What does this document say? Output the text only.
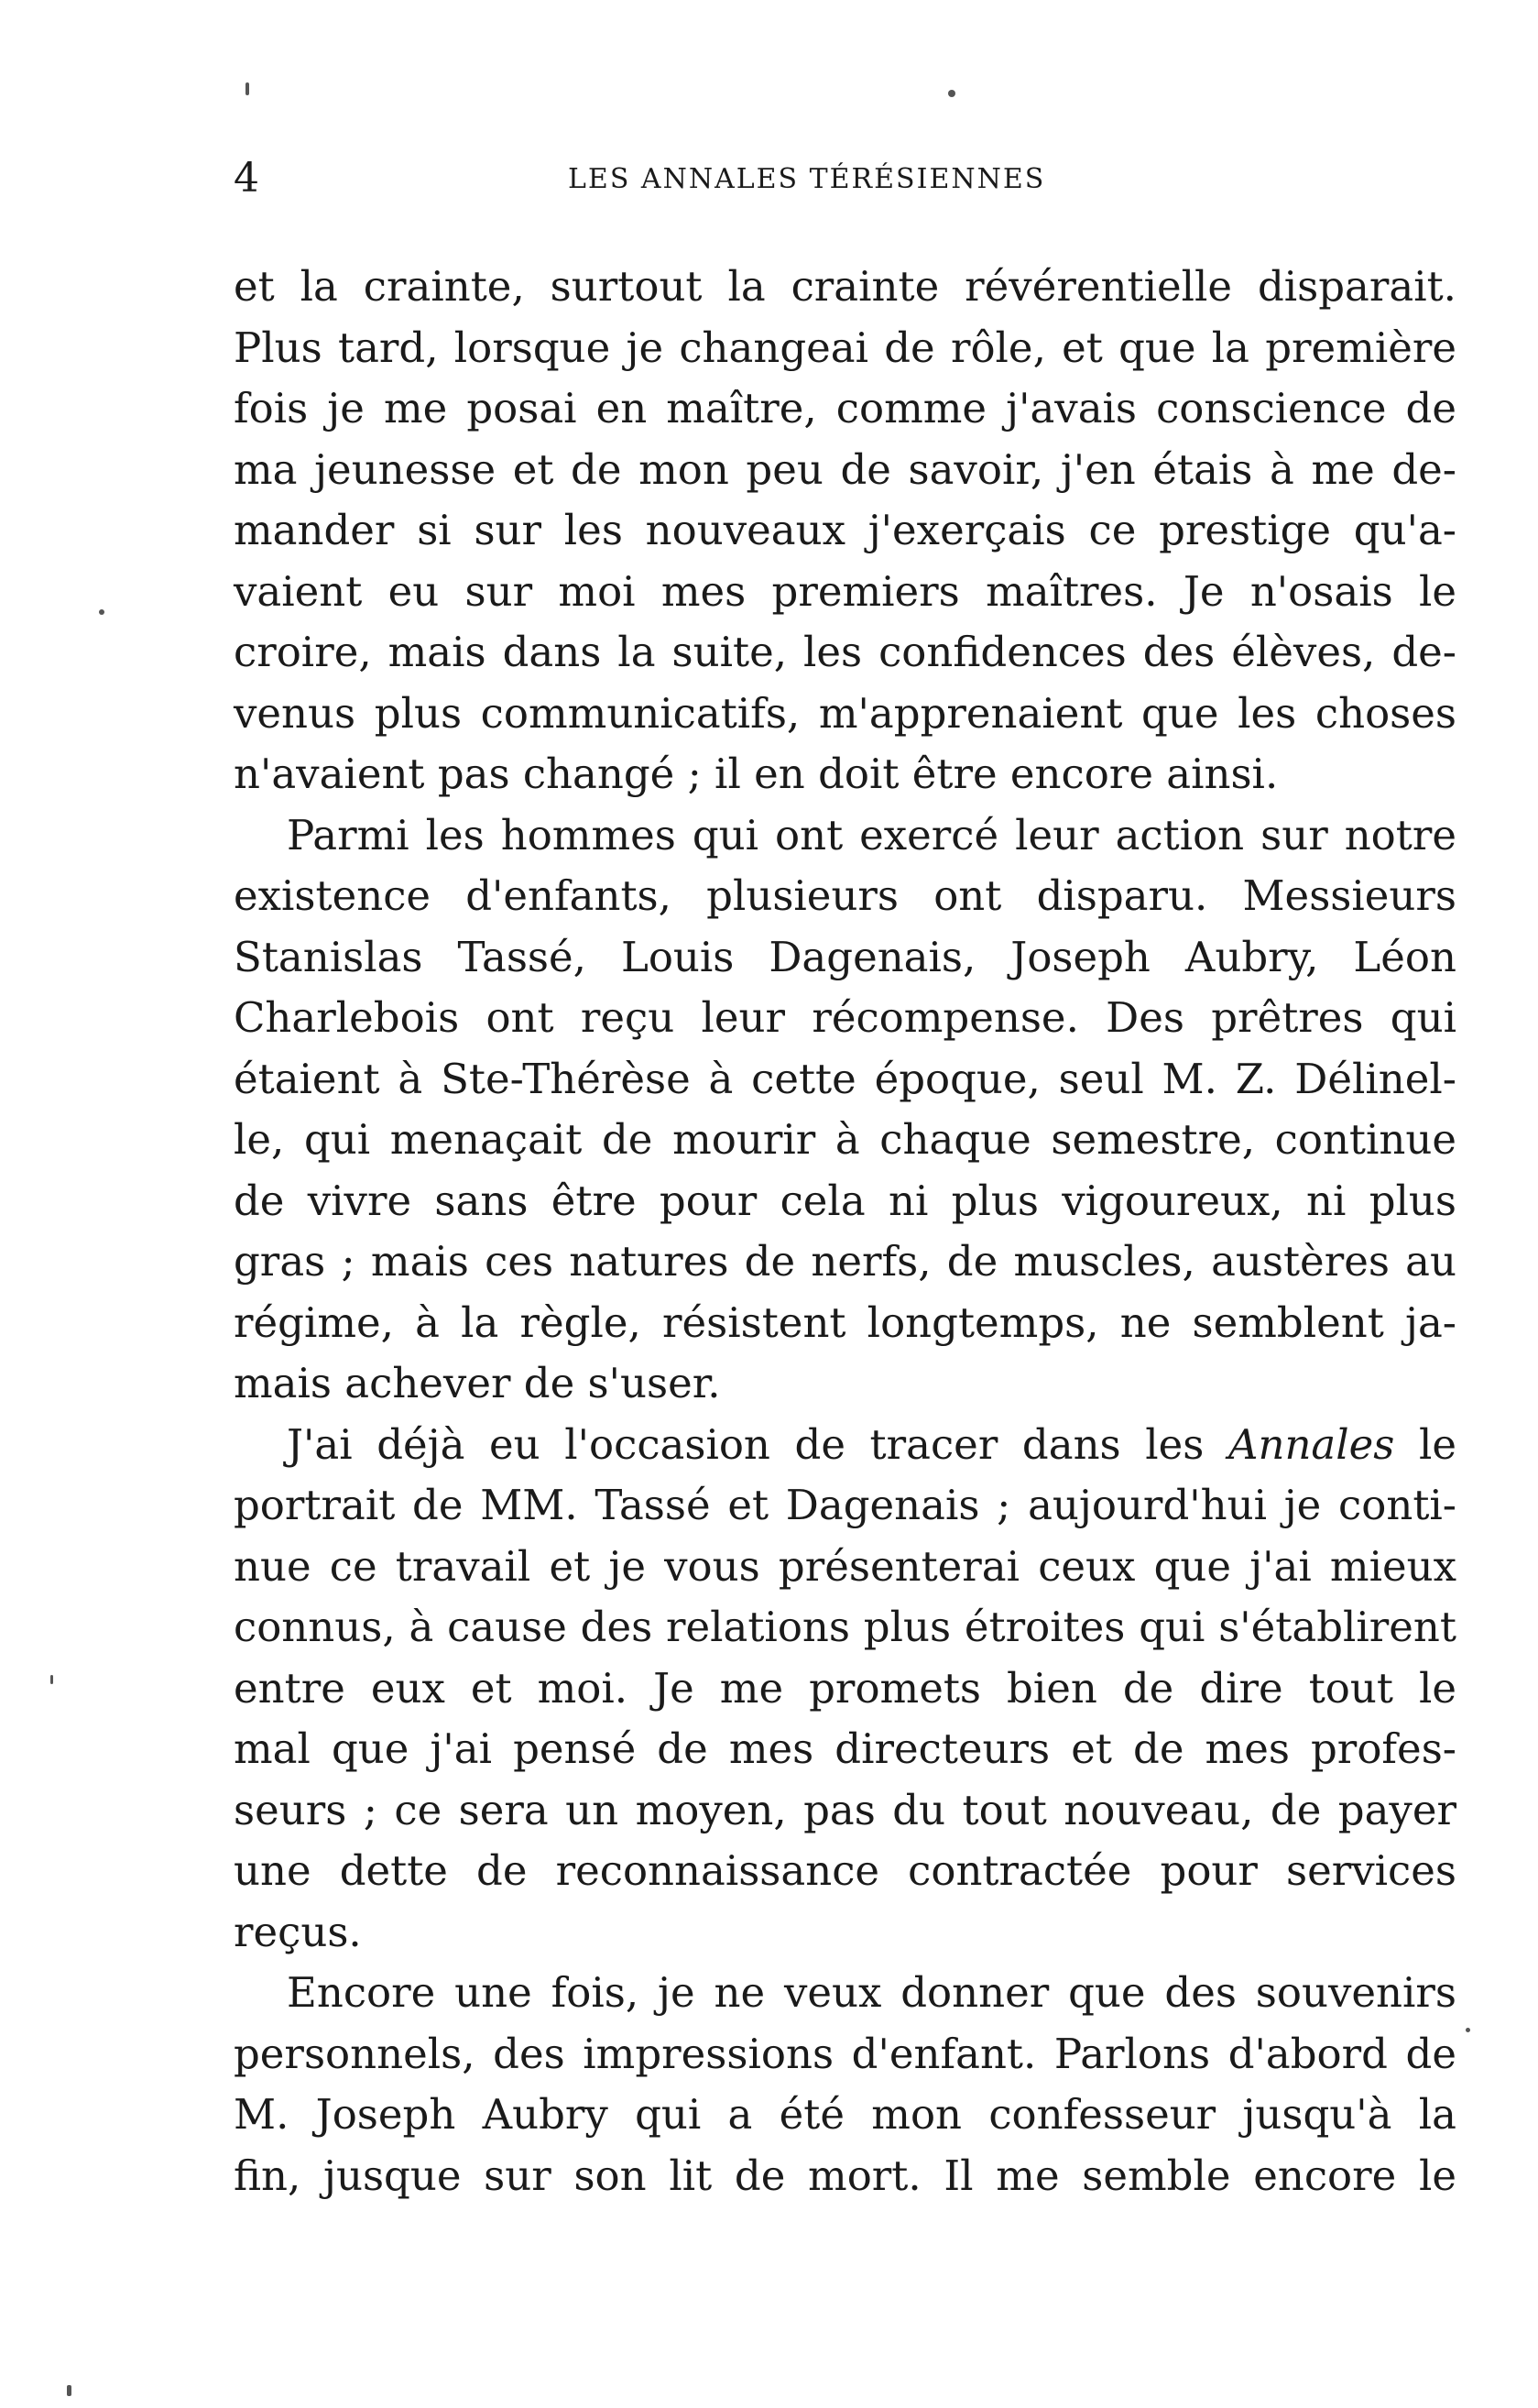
4	LES ANNALES TÉRÉSIENNES
et la crainte, surtout la crainte révérentielle disparait.
Plus tard, lorsque je changeai de rôle, et que la première
fois je me posai en maître, comme j'avais conscience de
ma jeunesse et de mon peu de savoir, j'en étais à me de-
mander si sur les nouveaux j'exerçais ce prestige qu'a-
vaient eu sur moi mes premiers maîtres. Je n'osais le
croire, mais dans la suite, les confidences des élèves, de-
venus plus communicatifs, m'apprenaient que les choses
n'avaient pas changé ; il en doit être encore ainsi.
Parmi les hommes qui ont exercé leur action sur notre
existence d'enfants, plusieurs ont disparu. Messieurs
Stanislas Tassé, Louis Dagenais, Joseph Aubry, Léon
Charlebois ont reçu leur récompense. Des prêtres qui
étaient à Ste-Thérèse à cette époque, seul M. Z. Délinel-
le, qui menaçait de mourir à chaque semestre, continue
de vivre sans être pour cela ni plus vigoureux, ni plus
gras ; mais ces natures de nerfs, de muscles, austères au
régime, à la règle, résistent longtemps, ne semblent ja-
mais achever de s'user.
J'ai déjà eu l'occasion de tracer dans les Annales le
portrait de MM. Tassé et Dagenais ; aujourd'hui je conti-
nue ce travail et je vous présenterai ceux que j'ai mieux
connus, à cause des relations plus étroites qui s'établirent
entre eux et moi. Je me promets bien de dire tout le
mal que j'ai pensé de mes directeurs et de mes profes-
seurs ; ce sera un moyen, pas du tout nouveau, de payer
une dette de reconnaissance contractée pour services
reçus.
Encore une fois, je ne veux donner que des souvenirs
personnels, des impressions d'enfant. Parlons d'abord de
M. Joseph Aubry qui a été mon confesseur jusqu'à la
fin, jusque sur son lit de mort. Il me semble encore le
